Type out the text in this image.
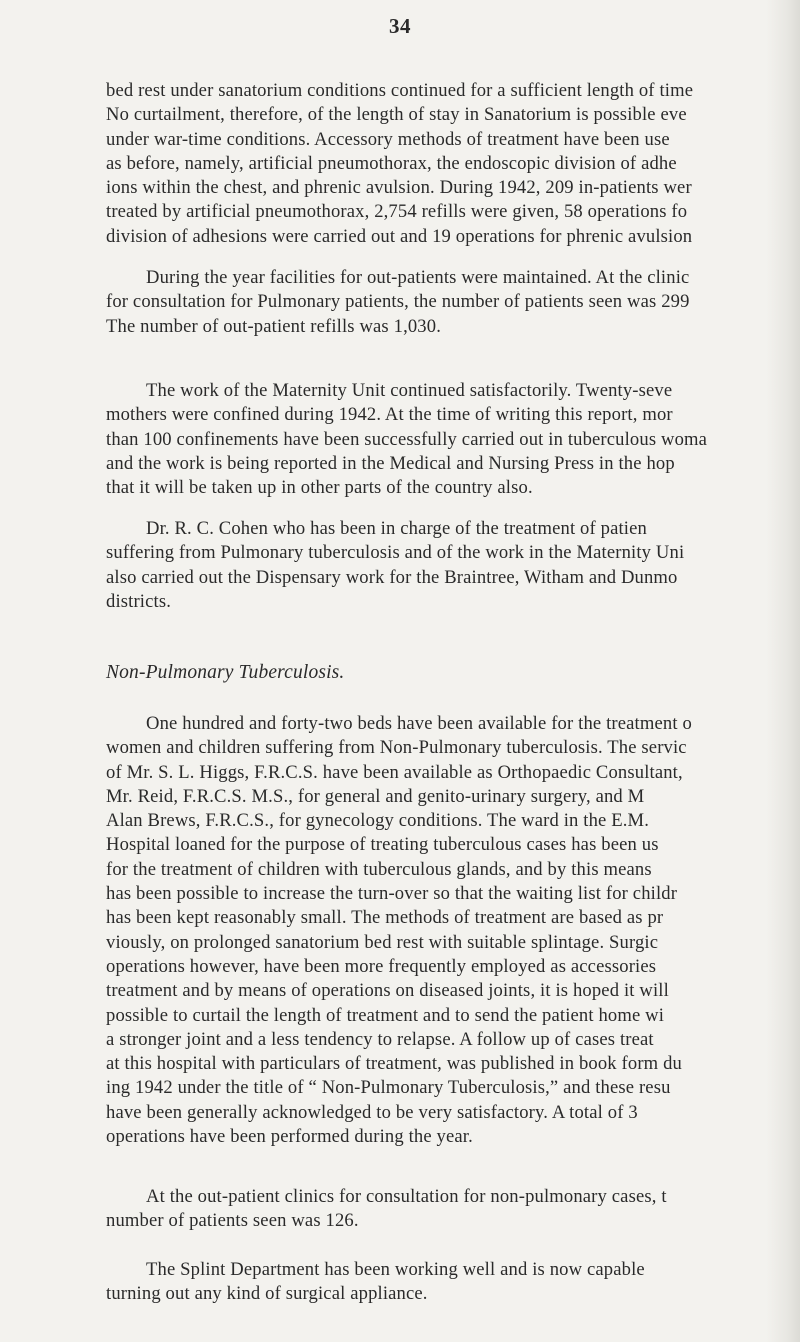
34
bed rest under sanatorium conditions continued for a sufficient length of time
No curtailment, therefore, of the length of stay in Sanatorium is possible eve
under war-time conditions. Accessory methods of treatment have been use
as before, namely, artificial pneumothorax, the endoscopic division of adhe
ions within the chest, and phrenic avulsion. During 1942, 209 in-patients wer
treated by artificial pneumothorax, 2,754 refills were given, 58 operations fo
division of adhesions were carried out and 19 operations for phrenic avulsion
During the year facilities for out-patients were maintained. At the clinic
for consultation for Pulmonary patients, the number of patients seen was 299
The number of out-patient refills was 1,030.
The work of the Maternity Unit continued satisfactorily. Twenty-seve
mothers were confined during 1942. At the time of writing this report, mor
than 100 confinements have been successfully carried out in tuberculous woma
and the work is being reported in the Medical and Nursing Press in the hop
that it will be taken up in other parts of the country also.
Dr. R. C. Cohen who has been in charge of the treatment of patien
suffering from Pulmonary tuberculosis and of the work in the Maternity Uni
also carried out the Dispensary work for the Braintree, Witham and Dunmo
districts.
Non-Pulmonary Tuberculosis.
One hundred and forty-two beds have been available for the treatment o
women and children suffering from Non-Pulmonary tuberculosis. The servic
of Mr. S. L. Higgs, F.R.C.S. have been available as Orthopaedic Consultant,
Mr. Reid, F.R.C.S. M.S., for general and genito-urinary surgery, and M
Alan Brews, F.R.C.S., for gynecology conditions. The ward in the E.M.
Hospital loaned for the purpose of treating tuberculous cases has been us
for the treatment of children with tuberculous glands, and by this means
has been possible to increase the turn-over so that the waiting list for childr
has been kept reasonably small. The methods of treatment are based as pr
viously, on prolonged sanatorium bed rest with suitable splintage. Surgic
operations however, have been more frequently employed as accessories
treatment and by means of operations on diseased joints, it is hoped it will
possible to curtail the length of treatment and to send the patient home wi
a stronger joint and a less tendency to relapse. A follow up of cases treat
at this hospital with particulars of treatment, was published in book form du
ing 1942 under the title of “ Non-Pulmonary Tuberculosis,” and these resu
have been generally acknowledged to be very satisfactory. A total of 3
operations have been performed during the year.
At the out-patient clinics for consultation for non-pulmonary cases, t
number of patients seen was 126.
The Splint Department has been working well and is now capable
turning out any kind of surgical appliance.
